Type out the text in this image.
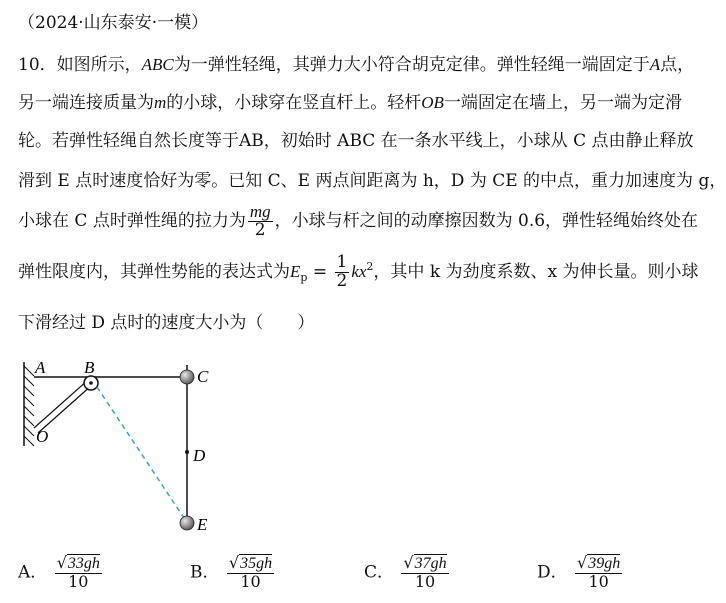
（2024·山东泰安·一模）
10．如图所示，ABC为一弹性轻绳，其弹力大小符合胡克定律。弹性轻绳一端固定于A点，
另一端连接质量为m的小球，小球穿在竖直杆上。轻杆OB一端固定在墙上，另一端为定滑
轮。若弹性轻绳自然长度等于AB，初始时 ABC 在一条水平线上，小球从 C 点由静止释放
滑到 E 点时速度恰好为零。已知 C、E 两点间距离为 h，D 为 CE 的中点，重力加速度为 g，
小球在 C 点时弹性绳的拉力为 $\frac{mg}{2}$ ，小球与杆之间的动摩擦因数为 0.6，弹性轻绳始终处在
弹性限度内，其弹性势能的表达式为$E_p = \frac{1}{2} kx^2$，其中 k 为劲度系数、x 为伸长量。则小球
下滑经过 D 点时的速度大小为（　　）
A B	C
D
E
O
A． $\frac{√33gh}{10}$	B． $\frac{√35gh}{10}$	C． $\frac{√37gh}{10}$	D． $\frac{√39gh}{10}$
